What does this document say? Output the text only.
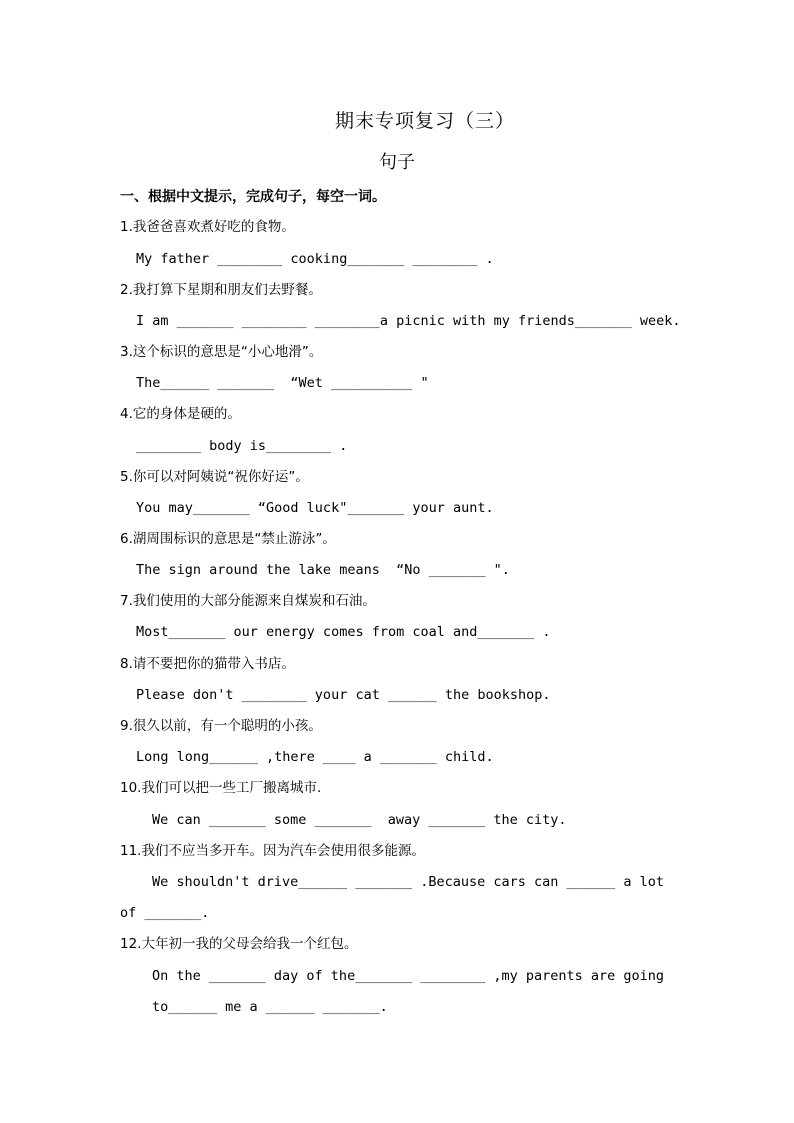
期末专项复习（三）
句子
一、根据中文提示，完成句子，每空一词。
1.我爸爸喜欢煮好吃的食物。
My father ________ cooking_______ ________ .
2.我打算下星期和朋友们去野餐。
I am _______ ________ ________a picnic with my friends_______ week.
3.这个标识的意思是“小心地滑”。
The______ _______  “Wet __________ "
4.它的身体是硬的。
________ body is________ .
5.你可以对阿姨说“祝你好运”。
You may_______ “Good luck"_______ your aunt.
6.湖周围标识的意思是“禁止游泳”。
The sign around the lake means  “No _______ ".
7.我们使用的大部分能源来自煤炭和石油。
Most_______ our energy comes from coal and_______ .
8.请不要把你的猫带入书店。
Please don't ________ your cat ______ the bookshop.
9.很久以前，有一个聪明的小孩。
Long long______ ,there ____ a _______ child.
10.我们可以把一些工厂搬离城市.
We can _______ some _______  away _______ the city.
11.我们不应当多开车。因为汽车会使用很多能源。
We shouldn't drive______ _______ .Because cars can ______ a lot
of _______.
12.大年初一我的父母会给我一个红包。
On the _______ day of the_______ ________ ,my parents are going
to______ me a ______ _______.
